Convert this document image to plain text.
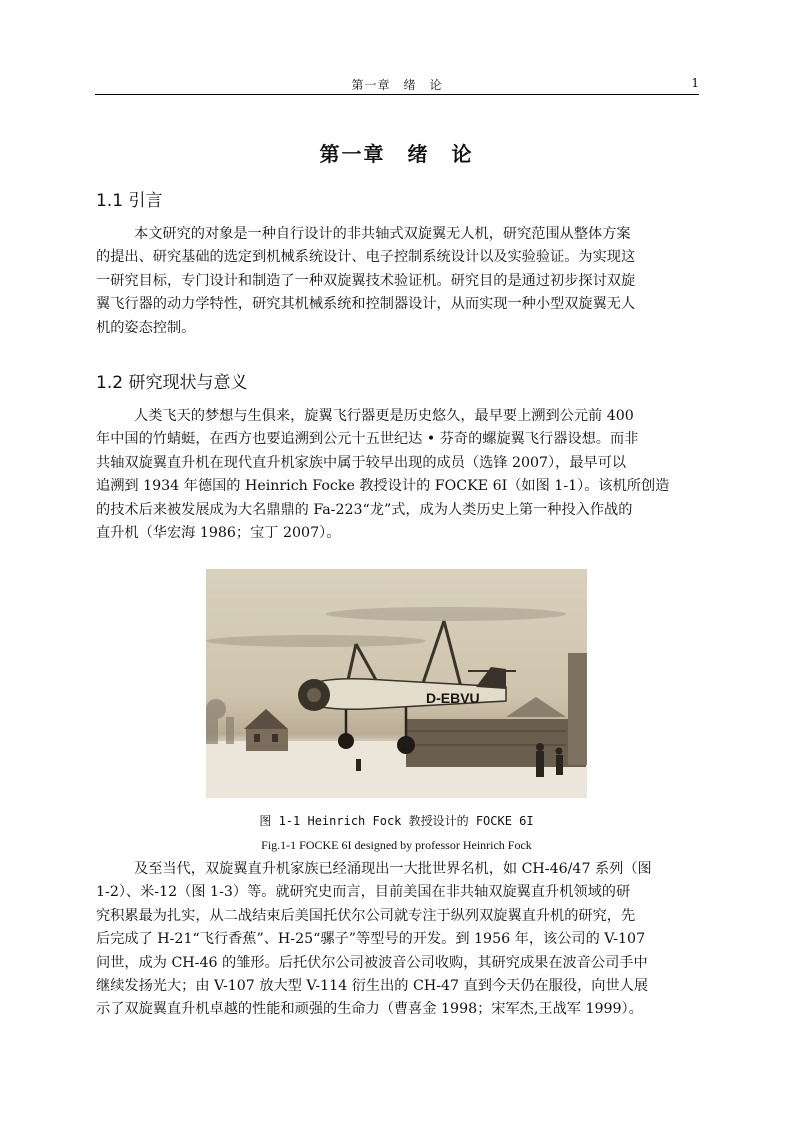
第一章　绪　论	1
第一章　绪　论
1.1 引言

本文研究的对象是一种自行设计的非共轴式双旋翼无人机，研究范围从整体方案
的提出、研究基础的选定到机械系统设计、电子控制系统设计以及实验验证。为实现这
一研究目标，专门设计和制造了一种双旋翼技术验证机。研究目的是通过初步探讨双旋
翼飞行器的动力学特性，研究其机械系统和控制器设计，从而实现一种小型双旋翼无人
机的姿态控制。

1.2 研究现状与意义

人类飞天的梦想与生俱来，旋翼飞行器更是历史悠久，最早要上溯到公元前 400
年中国的竹蜻蜓，在西方也要追溯到公元十五世纪达 • 芬奇的螺旋翼飞行器设想。而非
共轴双旋翼直升机在现代直升机家族中属于较早出现的成员（选锋 2007），最早可以
追溯到 1934 年德国的 Heinrich Focke 教授设计的 FOCKE 6I（如图 1-1）。该机所创造
的技术后来被发展成为大名鼎鼎的 Fa-223“龙”式，成为人类历史上第一种投入作战的
直升机（华宏海 1986；宝丁 2007）。

D-EBVU
图 1-1 Heinrich Fock 教授设计的 FOCKE 6I
Fig.1-1 FOCKE 6I designed by professor Heinrich Fock

及至当代，双旋翼直升机家族已经涌现出一大批世界名机，如 CH-46/47 系列（图
1-2）、米-12（图 1-3）等。就研究史而言，目前美国在非共轴双旋翼直升机领域的研
究积累最为扎实，从二战结束后美国托伏尔公司就专注于纵列双旋翼直升机的研究，先
后完成了 H-21“飞行香蕉”、H-25“骡子”等型号的开发。到 1956 年，该公司的 V-107
问世，成为 CH-46 的雏形。后托伏尔公司被波音公司收购，其研究成果在波音公司手中
继续发扬光大；由 V-107 放大型 V-114 衍生出的 CH-47 直到今天仍在服役，向世人展
示了双旋翼直升机卓越的性能和顽强的生命力（曹喜金 1998；宋军杰,王战军 1999）。
